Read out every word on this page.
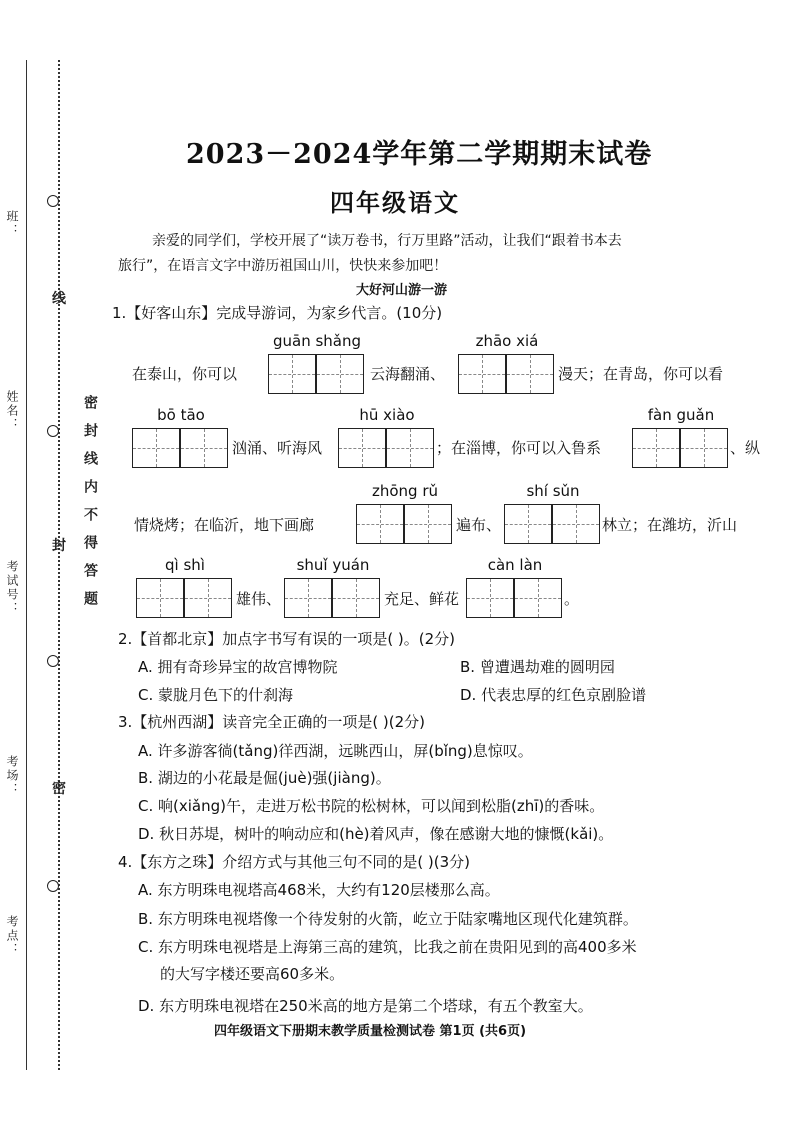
班：
姓名：
考试号：
考场：
考点：
线
封
密
密封线内不得答题
2023－2024学年第二学期期末试卷
四年级语文
亲爱的同学们，学校开展了“读万卷书，行万里路”活动，让我们“跟着书本去
旅行”，在语言文字中游历祖国山川，快快来参加吧！
大好河山游一游
1.【好客山东】完成导游词，为家乡代言。(10分)
guān shǎng	zhāo xiá
在泰山，你可以	云海翻涌、	漫天；在青岛，你可以看
bō tāo	hū xiào	fàn guǎn
汹涌、听海风	；在淄博，你可以入鲁系	、纵
zhōng rǔ	shí sǔn
情烧烤；在临沂，地下画廊	遍布、	林立；在潍坊，沂山
qì shì	shuǐ yuán	càn làn
雄伟、	充足、鲜花	。
2.【首都北京】加点字书写有误的一项是( )。(2分)
A. 拥有奇珍异宝的故宫博物院	B. 曾遭遇劫难的圆明园
C. 蒙胧月色下的什刹海	D. 代表忠厚的红色京剧脸谱
3.【杭州西湖】读音完全正确的一项是( )(2分)
A. 许多游客徜(tǎng)徉西湖，远眺西山，屏(bǐng)息惊叹。
B. 湖边的小花最是倔(juè)强(jiàng)。
C. 响(xiǎng)午，走进万松书院的松树林，可以闻到松脂(zhī)的香味。
D. 秋日苏堤，树叶的响动应和(hè)着风声，像在感谢大地的慷慨(kǎi)。
4.【东方之珠】介绍方式与其他三句不同的是( )(3分)
A. 东方明珠电视塔高468米，大约有120层楼那么高。
B. 东方明珠电视塔像一个待发射的火箭，屹立于陆家嘴地区现代化建筑群。
C. 东方明珠电视塔是上海第三高的建筑，比我之前在贵阳见到的高400多米
的大写字楼还要高60多米。
D. 东方明珠电视塔在250米高的地方是第二个塔球，有五个教室大。
四年级语文下册期末教学质量检测试卷 第1页 (共6页)
